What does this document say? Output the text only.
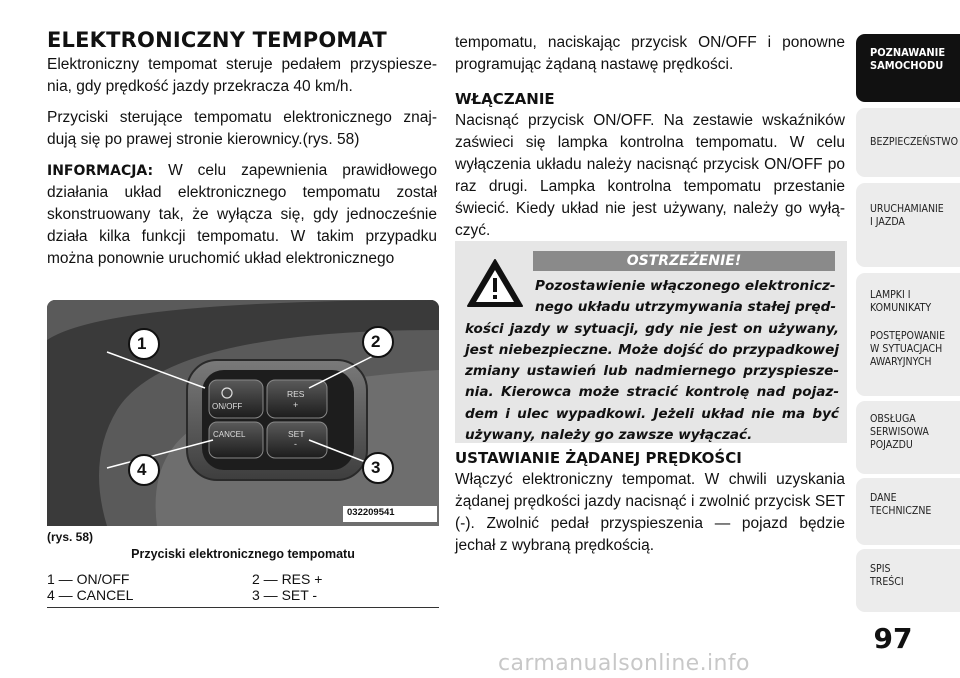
ELEKTRONICZNY TEMPOMAT

Elektroniczny tempomat steruje pedałem przyspiesze-nia, gdy prędkość jazdy przekracza 40 km/h.

Przyciski sterujące tempomatu elektronicznego znaj-dują się po prawej stronie kierownicy.(rys. 58)

INFORMACJA: W celu zapewnienia prawidłowego działania układ elektronicznego tempomatu został skonstruowany tak, że wyłącza się, gdy jednocześnie działa kilka funkcji tempomatu. W takim przypadku można ponownie uruchomić układ elektronicznego

1	2
3
4
ON/OFF
CANCEL
RES
+
SET
-
032209541
(rys. 58)
Przyciski elektronicznego tempomatu
1 — ON/OFF	2 — RES +
4 — CANCEL	3 — SET -

tempomatu, naciskając przycisk ON/OFF i ponowne programując żądaną nastawę prędkości.

WŁĄCZANIE

Nacisnąć przycisk ON/OFF. Na zestawie wskaźników zaświeci się lampka kontrolna tempomatu. W celu wyłączenia układu należy nacisnąć przycisk ON/OFF po raz drugi. Lampka kontrolna tempomatu przestanie świecić. Kiedy układ nie jest używany, należy go wyłą-czyć.

OSTRZEŻENIE!
Pozostawienie włączonego elektronicz-
nego układu utrzymywania stałej pręd-
kości jazdy w sytuacji, gdy nie jest on używany, jest niebezpieczne. Może dojść do przypadkowej zmiany ustawień lub nadmiernego przyspiesze-nia. Kierowca może stracić kontrolę nad pojaz-dem i ulec wypadkowi. Jeżeli układ nie ma być używany, należy go zawsze wyłączać.
USTAWIANIE ŻĄDANEJ PRĘDKOŚCI

Włączyć elektroniczny tempomat. W chwili uzyskania żądanej prędkości jazdy nacisnąć i zwolnić przycisk SET (-). Zwolnić pedał przyspieszenia — pojazd będzie jechał z wybraną prędkością.

POZNAWANIE
SAMOCHODU
BEZPIECZEŃSTWO
URUCHAMIANIE
I JAZDA
LAMPKI I
KOMUNIKATY
97
carmanualsonline.info
POSTĘPOWANIE
W SYTUACJACH
AWARYJNYCH
OBSŁUGA
SERWISOWA
POJAZDU
DANE
TECHNICZNE
SPIS
TREŚCI
